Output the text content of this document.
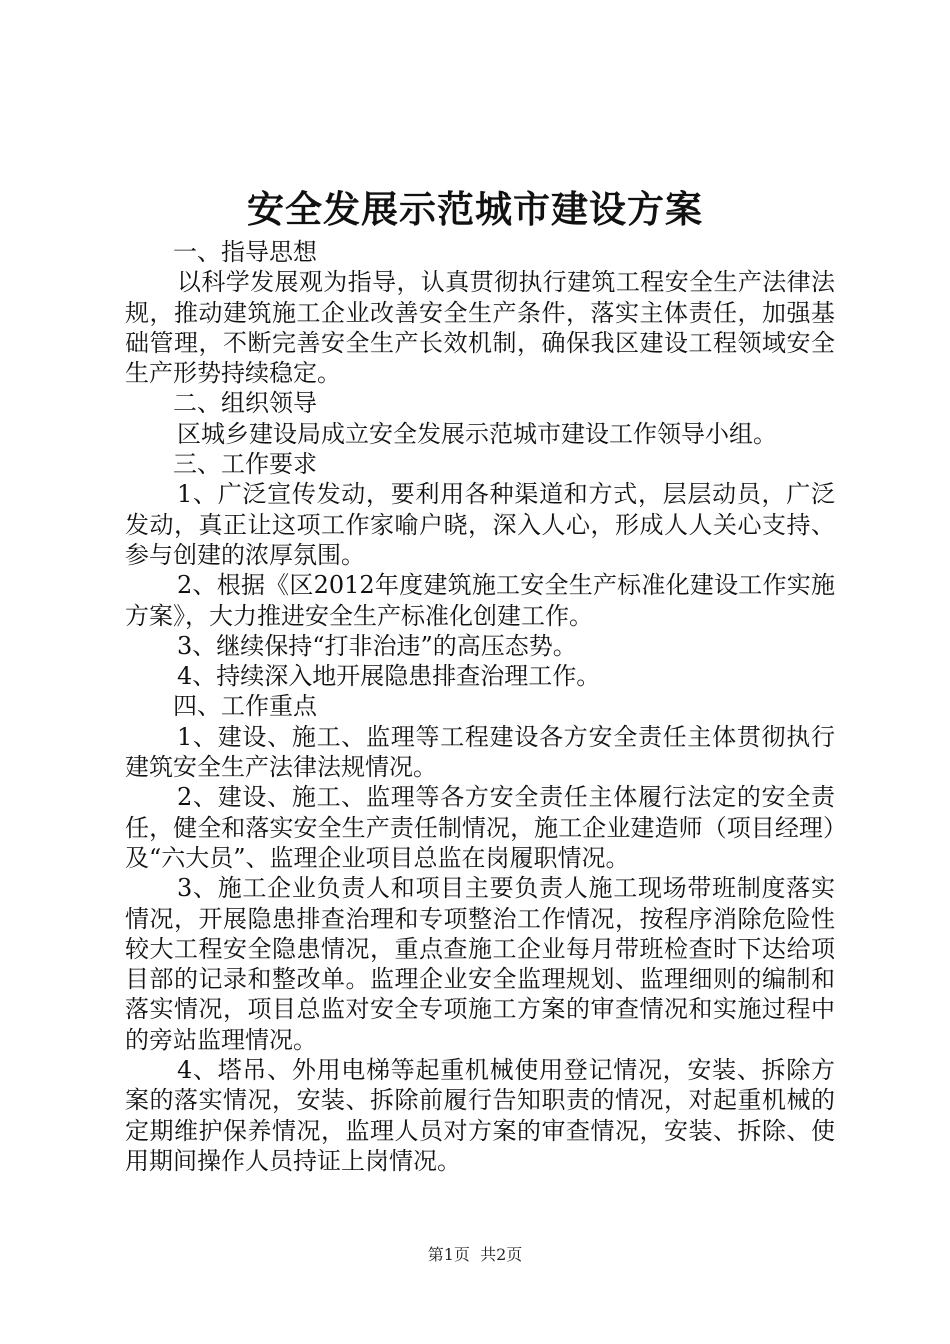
安全发展示范城市建设方案

一、指导思想

以科学发展观为指导，认真贯彻执行建筑工程安全生产法律法规，推动建筑施工企业改善安全生产条件，落实主体责任，加强基础管理，不断完善安全生产长效机制，确保我区建设工程领域安全生产形势持续稳定。

二、组织领导

区城乡建设局成立安全发展示范城市建设工作领导小组。

三、工作要求

1、广泛宣传发动，要利用各种渠道和方式，层层动员，广泛发动，真正让这项工作家喻户晓，深入人心，形成人人关心支持、参与创建的浓厚氛围。

2、根据《区2012年度建筑施工安全生产标准化建设工作实施方案》，大力推进安全生产标准化创建工作。

3、继续保持“打非治违”的高压态势。

4、持续深入地开展隐患排查治理工作。

四、工作重点

1、建设、施工、监理等工程建设各方安全责任主体贯彻执行建筑安全生产法律法规情况。

2、建设、施工、监理等各方安全责任主体履行法定的安全责任，健全和落实安全生产责任制情况，施工企业建造师（项目经理）及“六大员”、监理企业项目总监在岗履职情况。

3、施工企业负责人和项目主要负责人施工现场带班制度落实情况，开展隐患排查治理和专项整治工作情况，按程序消除危险性较大工程安全隐患情况，重点查施工企业每月带班检查时下达给项目部的记录和整改单。监理企业安全监理规划、监理细则的编制和落实情况，项目总监对安全专项施工方案的审查情况和实施过程中的旁站监理情况。

4、塔吊、外用电梯等起重机械使用登记情况，安装、拆除方案的落实情况，安装、拆除前履行告知职责的情况，对起重机械的定期维护保养情况，监理人员对方案的审查情况，安装、拆除、使用期间操作人员持证上岗情况。

第1页 共2页
